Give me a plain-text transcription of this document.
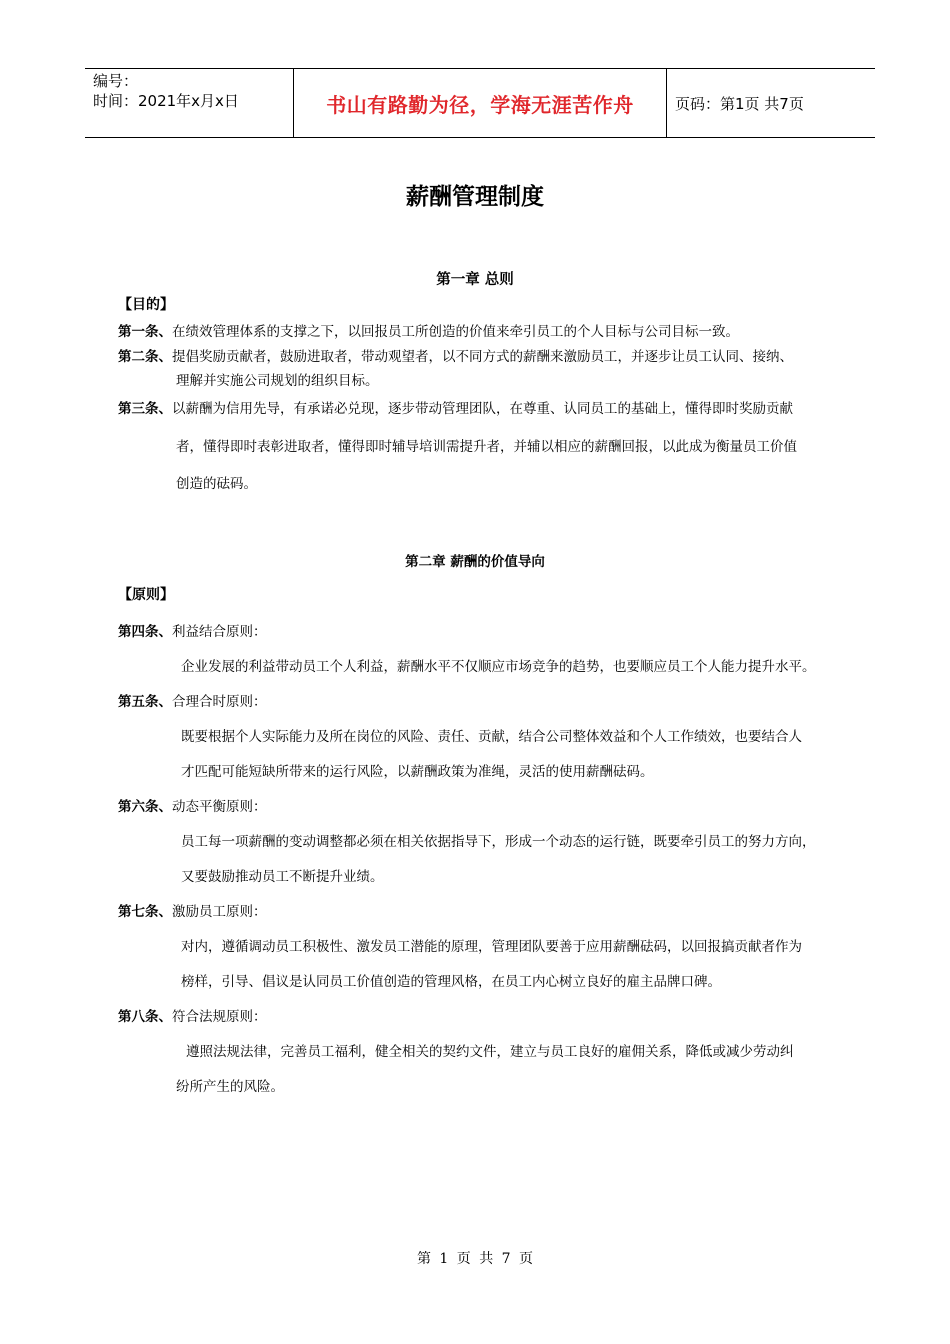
编号：
时间：2021年x月x日	书山有路勤为径，学海无涯苦作舟	页码：第1页 共7页
薪酬管理制度
第一章 总则
【目的】
第一条、在绩效管理体系的支撑之下，以回报员工所创造的价值来牵引员工的个人目标与公司目标一致。
第二条、提倡奖励贡献者，鼓励进取者，带动观望者，以不同方式的薪酬来激励员工，并逐步让员工认同、接纳、
理解并实施公司规划的组织目标。
第三条、以薪酬为信用先导，有承诺必兑现，逐步带动管理团队，在尊重、认同员工的基础上，懂得即时奖励贡献
者，懂得即时表彰进取者，懂得即时辅导培训需提升者，并辅以相应的薪酬回报，以此成为衡量员工价值
创造的砝码。
第二章 薪酬的价值导向
【原则】
第四条、利益结合原则：
企业发展的利益带动员工个人利益，薪酬水平不仅顺应市场竞争的趋势，也要顺应员工个人能力提升水平。
第五条、合理合时原则：
既要根据个人实际能力及所在岗位的风险、责任、贡献，结合公司整体效益和个人工作绩效，也要结合人
才匹配可能短缺所带来的运行风险，以薪酬政策为准绳，灵活的使用薪酬砝码。
第六条、动态平衡原则：
员工每一项薪酬的变动调整都必须在相关依据指导下，形成一个动态的运行链，既要牵引员工的努力方向，
又要鼓励推动员工不断提升业绩。
第七条、激励员工原则：
对内，遵循调动员工积极性、激发员工潜能的原理，管理团队要善于应用薪酬砝码，以回报搞贡献者作为
榜样，引导、倡议是认同员工价值创造的管理风格，在员工内心树立良好的雇主品牌口碑。
第八条、符合法规原则：
遵照法规法律，完善员工福利，健全相关的契约文件，建立与员工良好的雇佣关系，降低或减少劳动纠
纷所产生的风险。
第 1 页 共 7 页
